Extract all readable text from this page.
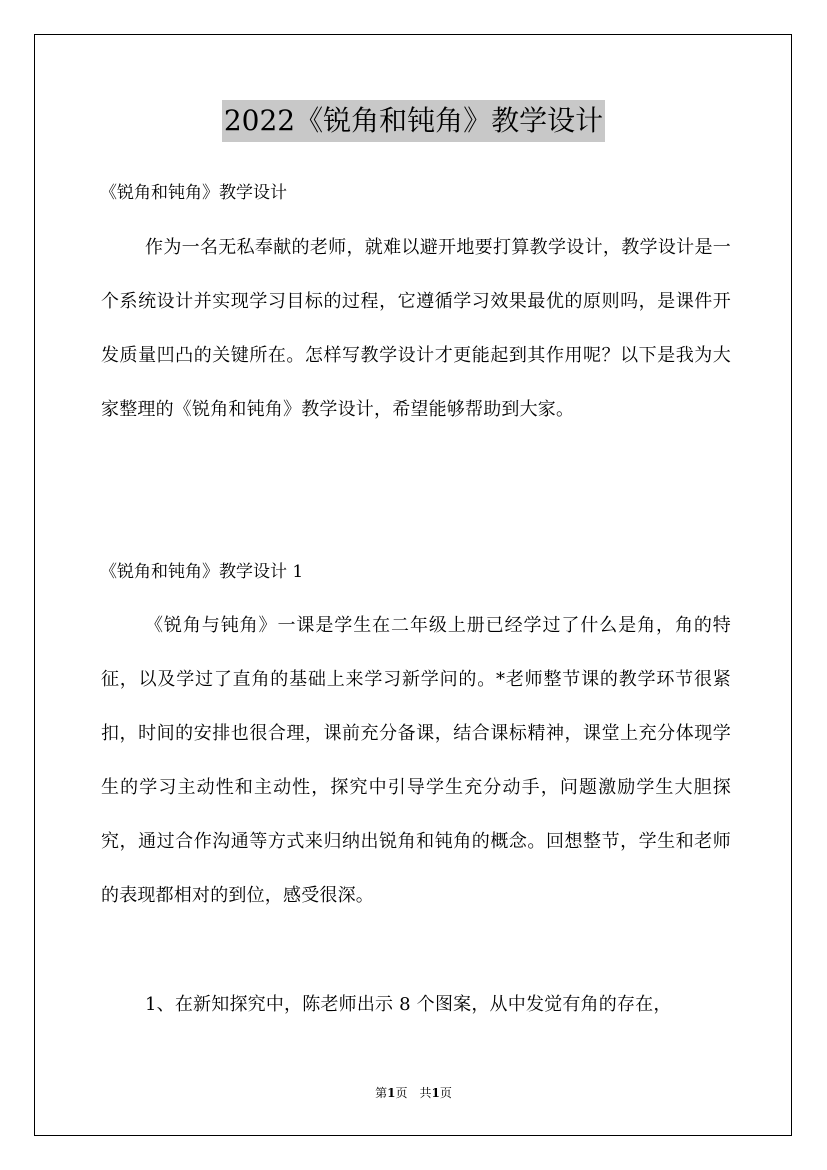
2022《锐角和钝角》教学设计
《锐角和钝角》教学设计
作为一名无私奉献的老师，就难以避开地要打算教学设计，教学设计是一个系统设计并实现学习目标的过程，它遵循学习效果最优的原则吗，是课件开发质量凹凸的关键所在。怎样写教学设计才更能起到其作用呢？以下是我为大家整理的《锐角和钝角》教学设计，希望能够帮助到大家。
《锐角和钝角》教学设计 1
《锐角与钝角》一课是学生在二年级上册已经学过了什么是角，角的特征，以及学过了直角的基础上来学习新学问的。*老师整节课的教学环节很紧扣，时间的安排也很合理，课前充分备课，结合课标精神，课堂上充分体现学生的学习主动性和主动性，探究中引导学生充分动手，问题激励学生大胆探究，通过合作沟通等方式来归纳出锐角和钝角的概念。回想整节，学生和老师的表现都相对的到位，感受很深。
1、在新知探究中，陈老师出示 8 个图案，从中发觉有角的存在，
第1页　共1页
